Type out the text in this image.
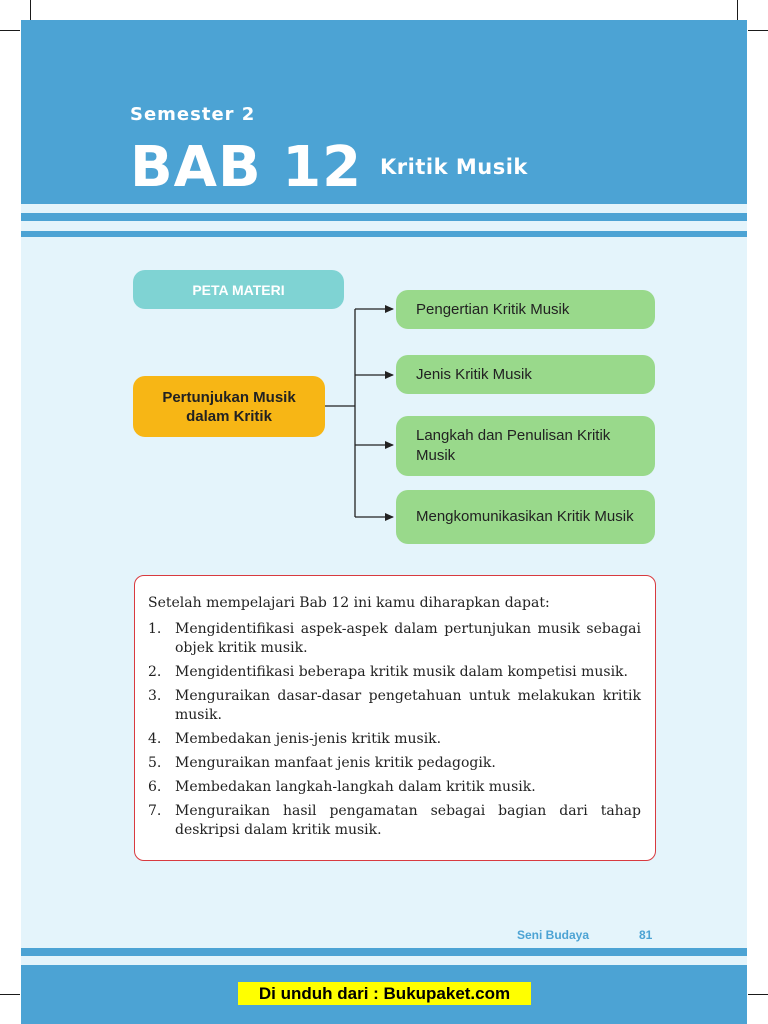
Semester 2
BAB 12 Kritik Musik
PETA MATERI
Pertunjukan Musik dalam Kritik
Pengertian Kritik Musik
Jenis Kritik Musik
Langkah dan Penulisan Kritik Musik
Mengkomunikasikan Kritik Musik

Setelah mempelajari Bab 12 ini kamu diharapkan dapat:

1. Mengidentifikasi aspek-aspek dalam pertunjukan musik sebagai objek kritik musik.
2. Mengidentifikasi beberapa kritik musik dalam kompetisi musik.
3. Menguraikan dasar-dasar pengetahuan untuk melakukan kritik musik.
4. Membedakan jenis-jenis kritik musik.
5. Menguraikan manfaat jenis kritik pedagogik.
6. Membedakan langkah-langkah dalam kritik musik.
7. Menguraikan hasil pengamatan sebagai bagian dari tahap deskripsi dalam kritik musik.
Seni Budaya	81
Di unduh dari : Bukupaket.com
